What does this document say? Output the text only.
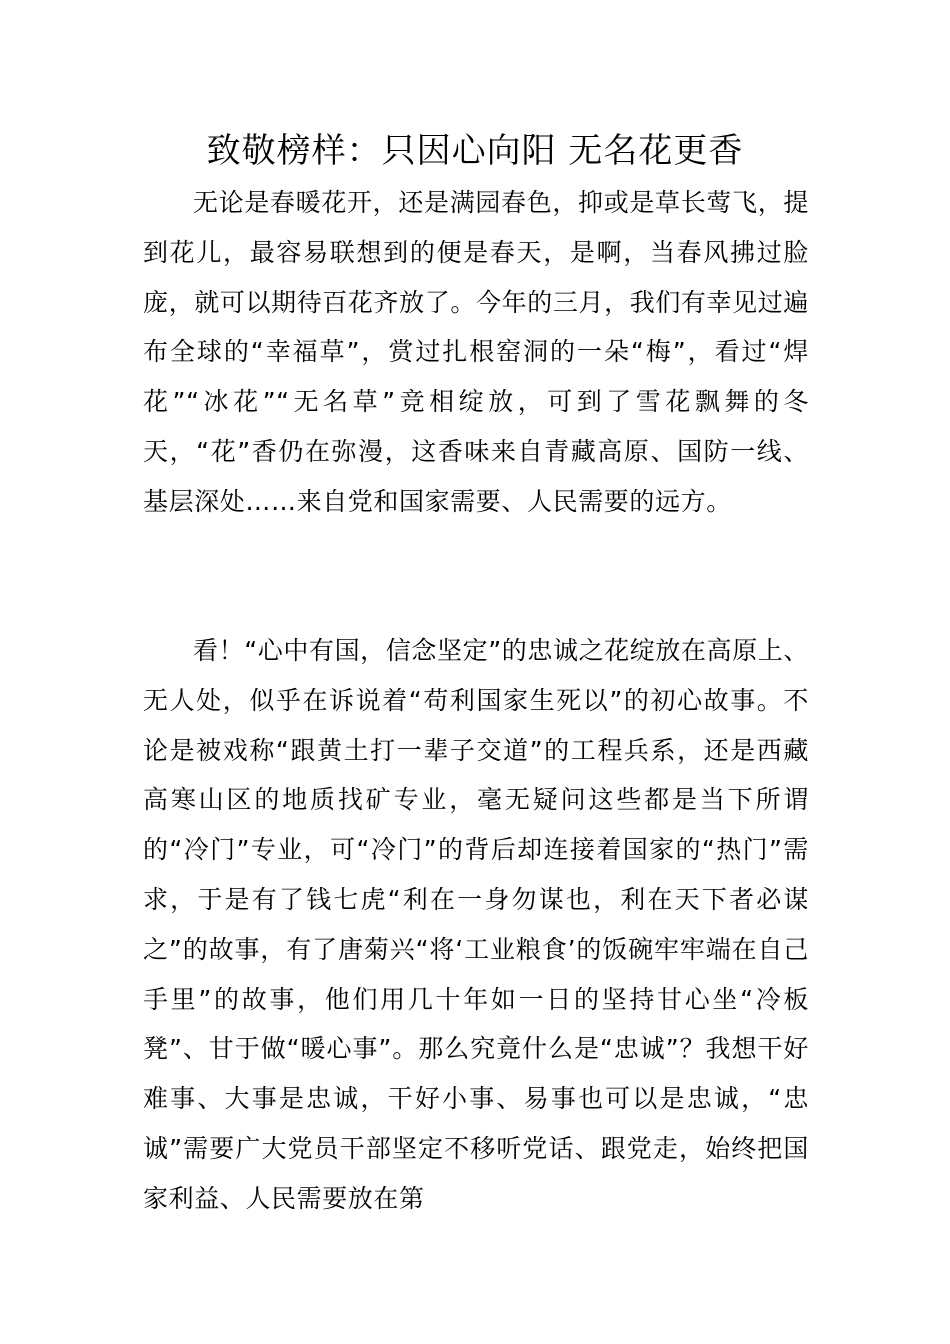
致敬榜样：只因心向阳 无名花更香

无论是春暖花开，还是满园春色，抑或是草长莺飞，提到花儿，最容易联想到的便是春天，是啊，当春风拂过脸庞，就可以期待百花齐放了。今年的三月，我们有幸见过遍布全球的“幸福草”，赏过扎根窑洞的一朵“梅”，看过“焊花”“冰花”“无名草”竞相绽放，可到了雪花飘舞的冬天，“花”香仍在弥漫，这香味来自青藏高原、国防一线、基层深处……来自党和国家需要、人民需要的远方。

看！“心中有国，信念坚定”的忠诚之花绽放在高原上、无人处，似乎在诉说着“苟利国家生死以”的初心故事。不论是被戏称“跟黄土打一辈子交道”的工程兵系，还是西藏高寒山区的地质找矿专业，毫无疑问这些都是当下所谓的“冷门”专业，可“冷门”的背后却连接着国家的“热门”需求，于是有了钱七虎“利在一身勿谋也，利在天下者必谋之”的故事，有了唐菊兴“将‘工业粮食’的饭碗牢牢端在自己手里”的故事，他们用几十年如一日的坚持甘心坐“冷板凳”、甘于做“暖心事”。那么究竟什么是“忠诚”？我想干好难事、大事是忠诚，干好小事、易事也可以是忠诚，“忠诚”需要广大党员干部坚定不移听党话、跟党走，始终把国家利益、人民需要放在第
